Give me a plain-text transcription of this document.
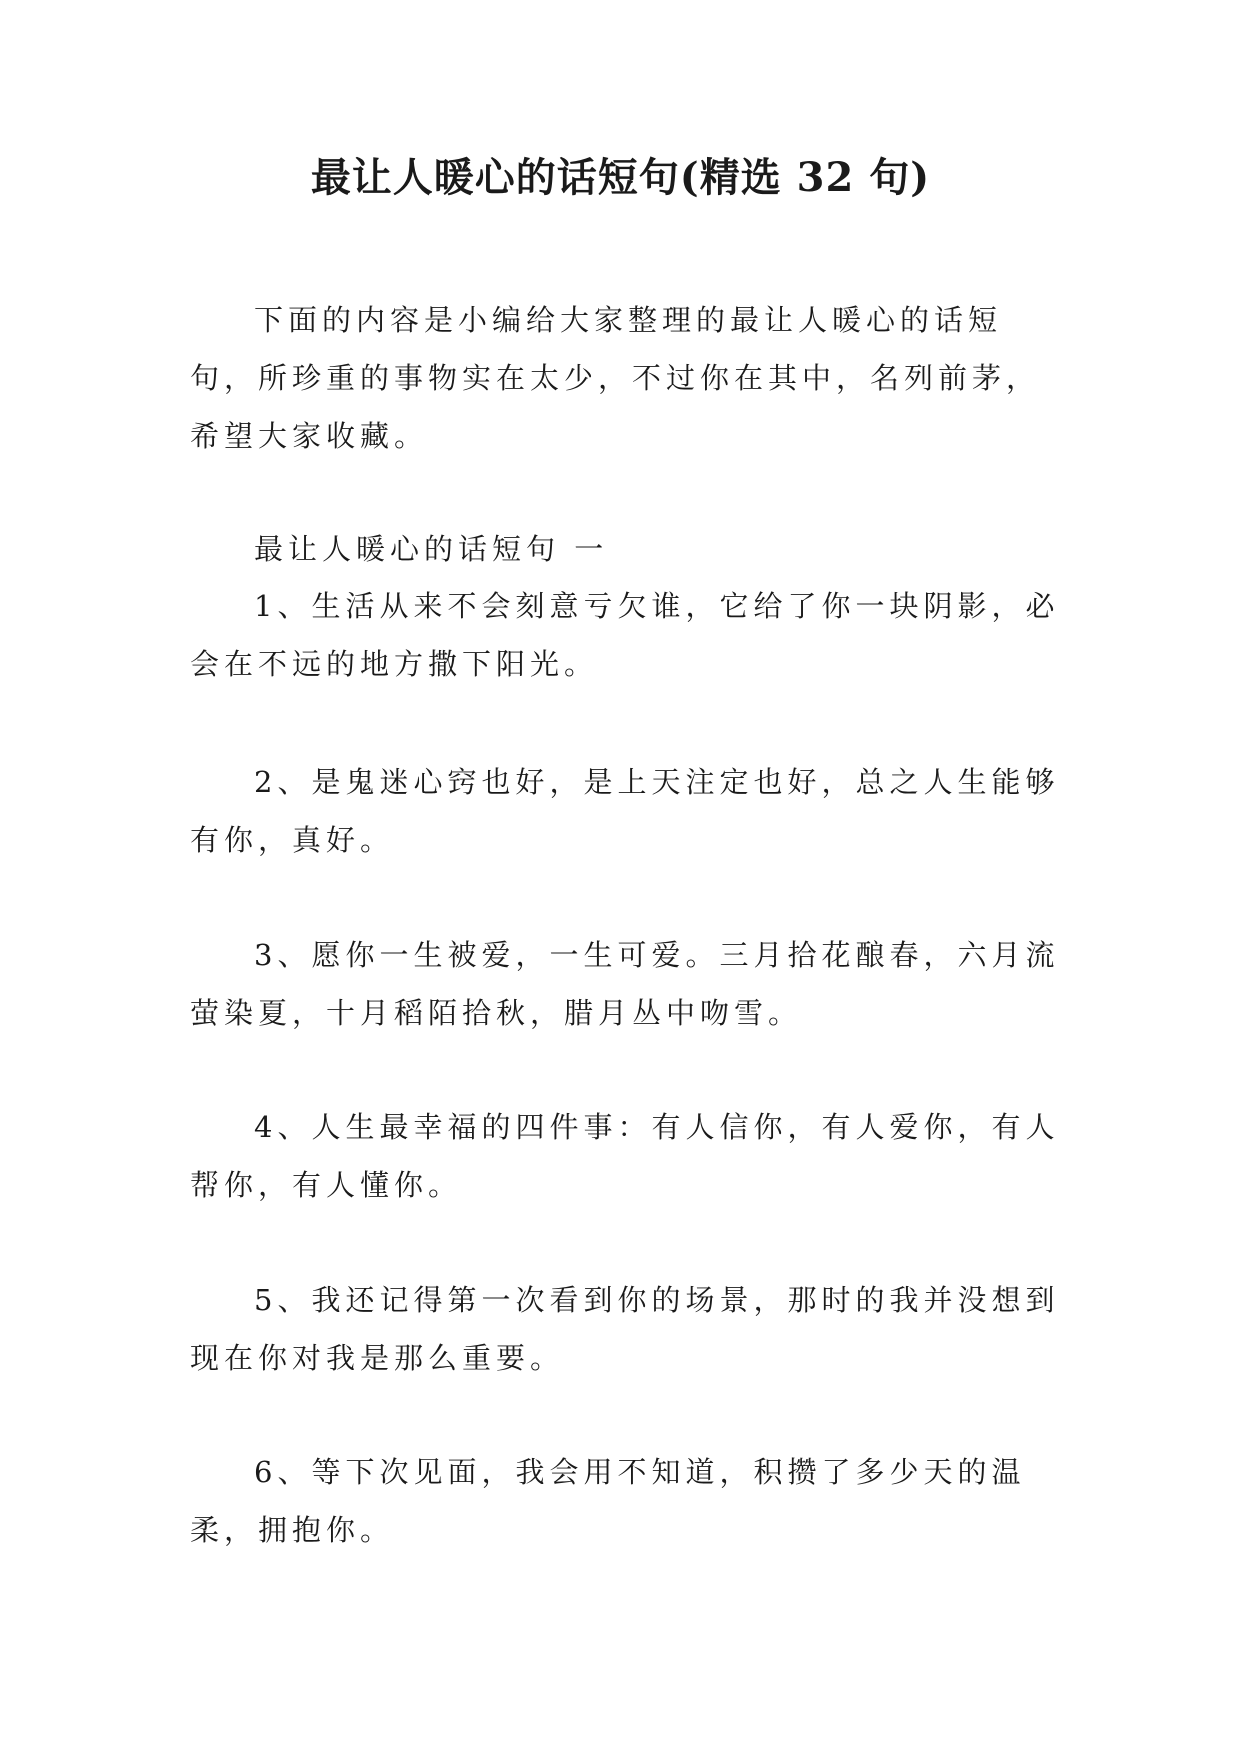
最让人暖心的话短句(精选 32 句)

下面的内容是小编给大家整理的最让人暖心的话短句，所珍重的事物实在太少，不过你在其中，名列前茅，希望大家收藏。

最让人暖心的话短句 一

1、生活从来不会刻意亏欠谁，它给了你一块阴影，必会在不远的地方撒下阳光。

2、是鬼迷心窍也好，是上天注定也好，总之人生能够有你，真好。

3、愿你一生被爱，一生可爱。三月拾花酿春，六月流萤染夏，十月稻陌拾秋，腊月丛中吻雪。

4、人生最幸福的四件事：有人信你，有人爱你，有人帮你，有人懂你。

5、我还记得第一次看到你的场景，那时的我并没想到现在你对我是那么重要。

6、等下次见面，我会用不知道，积攒了多少天的温柔，拥抱你。
